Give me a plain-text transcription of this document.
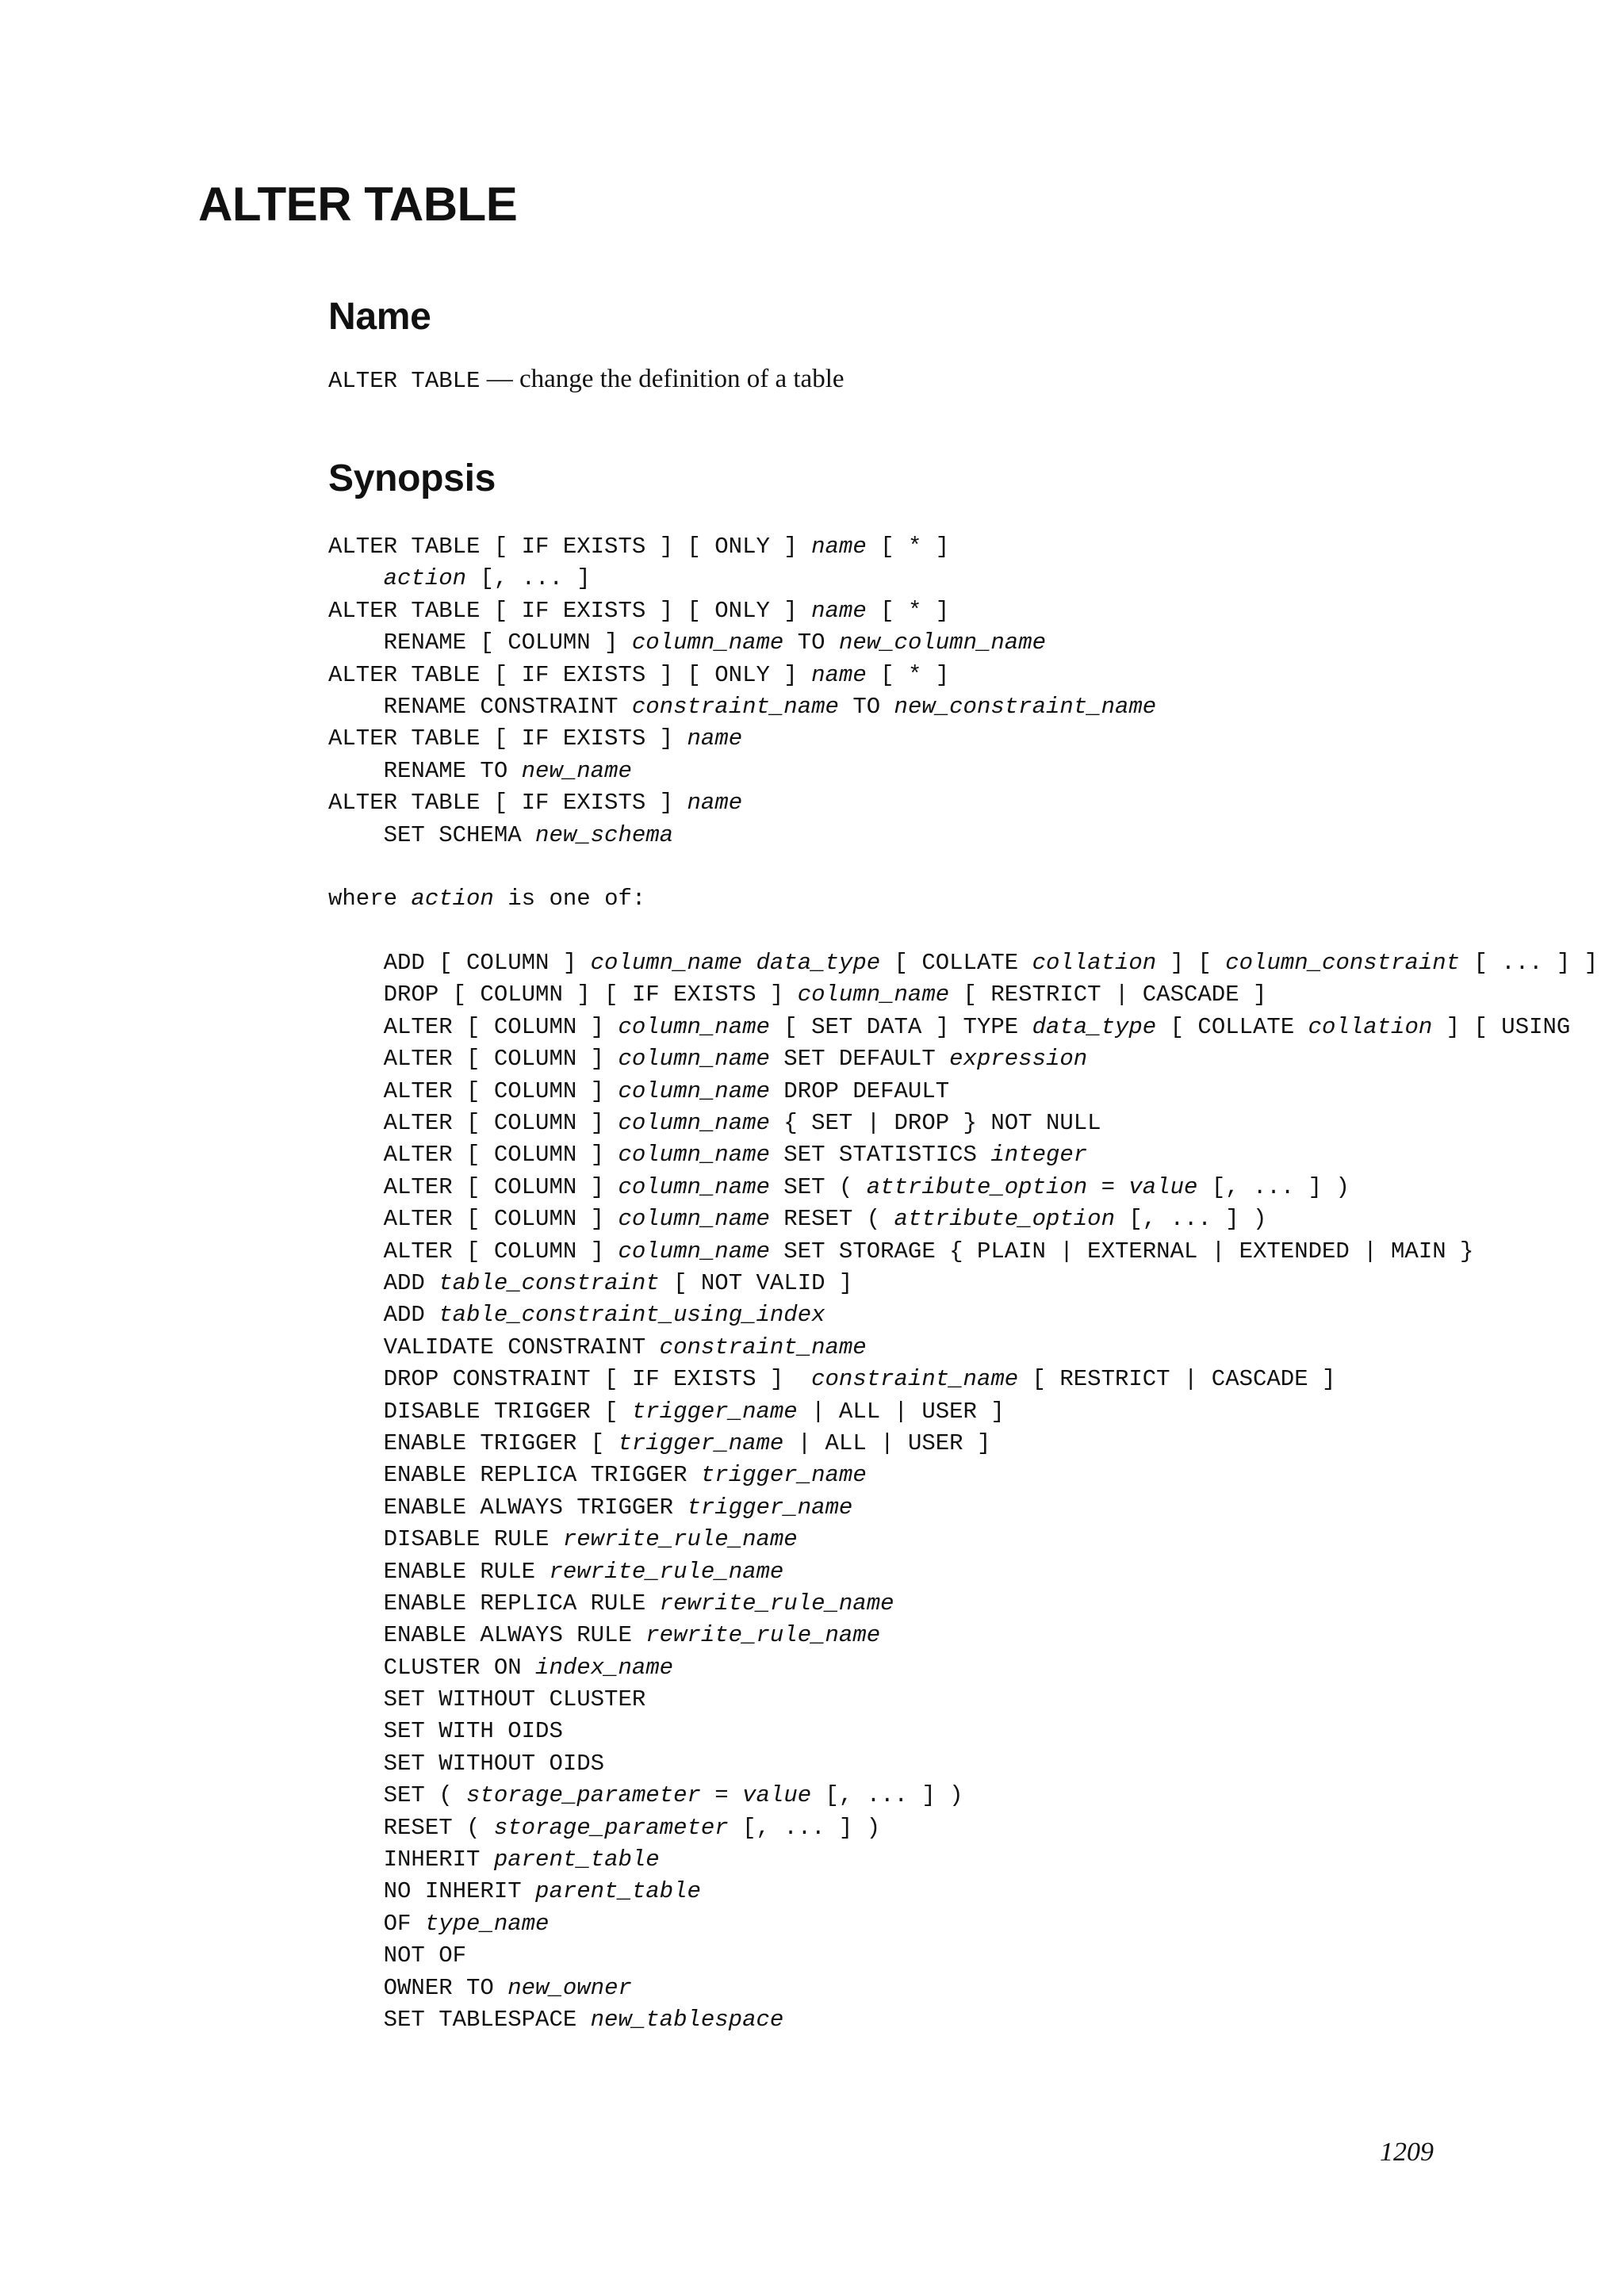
ALTER TABLE
Name

ALTER TABLE — change the definition of a table

Synopsis
ALTER TABLE [ IF EXISTS ] [ ONLY ] name [ * ]
action [, ... ]
ALTER TABLE [ IF EXISTS ] [ ONLY ] name [ * ]
RENAME [ COLUMN ] column_name TO new_column_name
ALTER TABLE [ IF EXISTS ] [ ONLY ] name [ * ]
RENAME CONSTRAINT constraint_name TO new_constraint_name
ALTER TABLE [ IF EXISTS ] name
RENAME TO new_name
ALTER TABLE [ IF EXISTS ] name
SET SCHEMA new_schema
where action is one of:
ADD [ COLUMN ] column_name data_type [ COLLATE collation ] [ column_constraint [ ... ] ]
DROP [ COLUMN ] [ IF EXISTS ] column_name [ RESTRICT | CASCADE ]
ALTER [ COLUMN ] column_name [ SET DATA ] TYPE data_type [ COLLATE collation ] [ USING
ALTER [ COLUMN ] column_name SET DEFAULT expression
ALTER [ COLUMN ] column_name DROP DEFAULT
ALTER [ COLUMN ] column_name { SET | DROP } NOT NULL
ALTER [ COLUMN ] column_name SET STATISTICS integer
ALTER [ COLUMN ] column_name SET ( attribute_option = value [, ... ] )
ALTER [ COLUMN ] column_name RESET ( attribute_option [, ... ] )
ALTER [ COLUMN ] column_name SET STORAGE { PLAIN | EXTERNAL | EXTENDED | MAIN }
ADD table_constraint [ NOT VALID ]
ADD table_constraint_using_index
VALIDATE CONSTRAINT constraint_name
DROP CONSTRAINT [ IF EXISTS ]  constraint_name [ RESTRICT | CASCADE ]
DISABLE TRIGGER [ trigger_name | ALL | USER ]
ENABLE TRIGGER [ trigger_name | ALL | USER ]
ENABLE REPLICA TRIGGER trigger_name
ENABLE ALWAYS TRIGGER trigger_name
DISABLE RULE rewrite_rule_name
ENABLE RULE rewrite_rule_name
ENABLE REPLICA RULE rewrite_rule_name
ENABLE ALWAYS RULE rewrite_rule_name
CLUSTER ON index_name
SET WITHOUT CLUSTER
SET WITH OIDS
SET WITHOUT OIDS
SET ( storage_parameter = value [, ... ] )
RESET ( storage_parameter [, ... ] )
INHERIT parent_table
NO INHERIT parent_table
OF type_name
NOT OF
OWNER TO new_owner
SET TABLESPACE new_tablespace
1209
